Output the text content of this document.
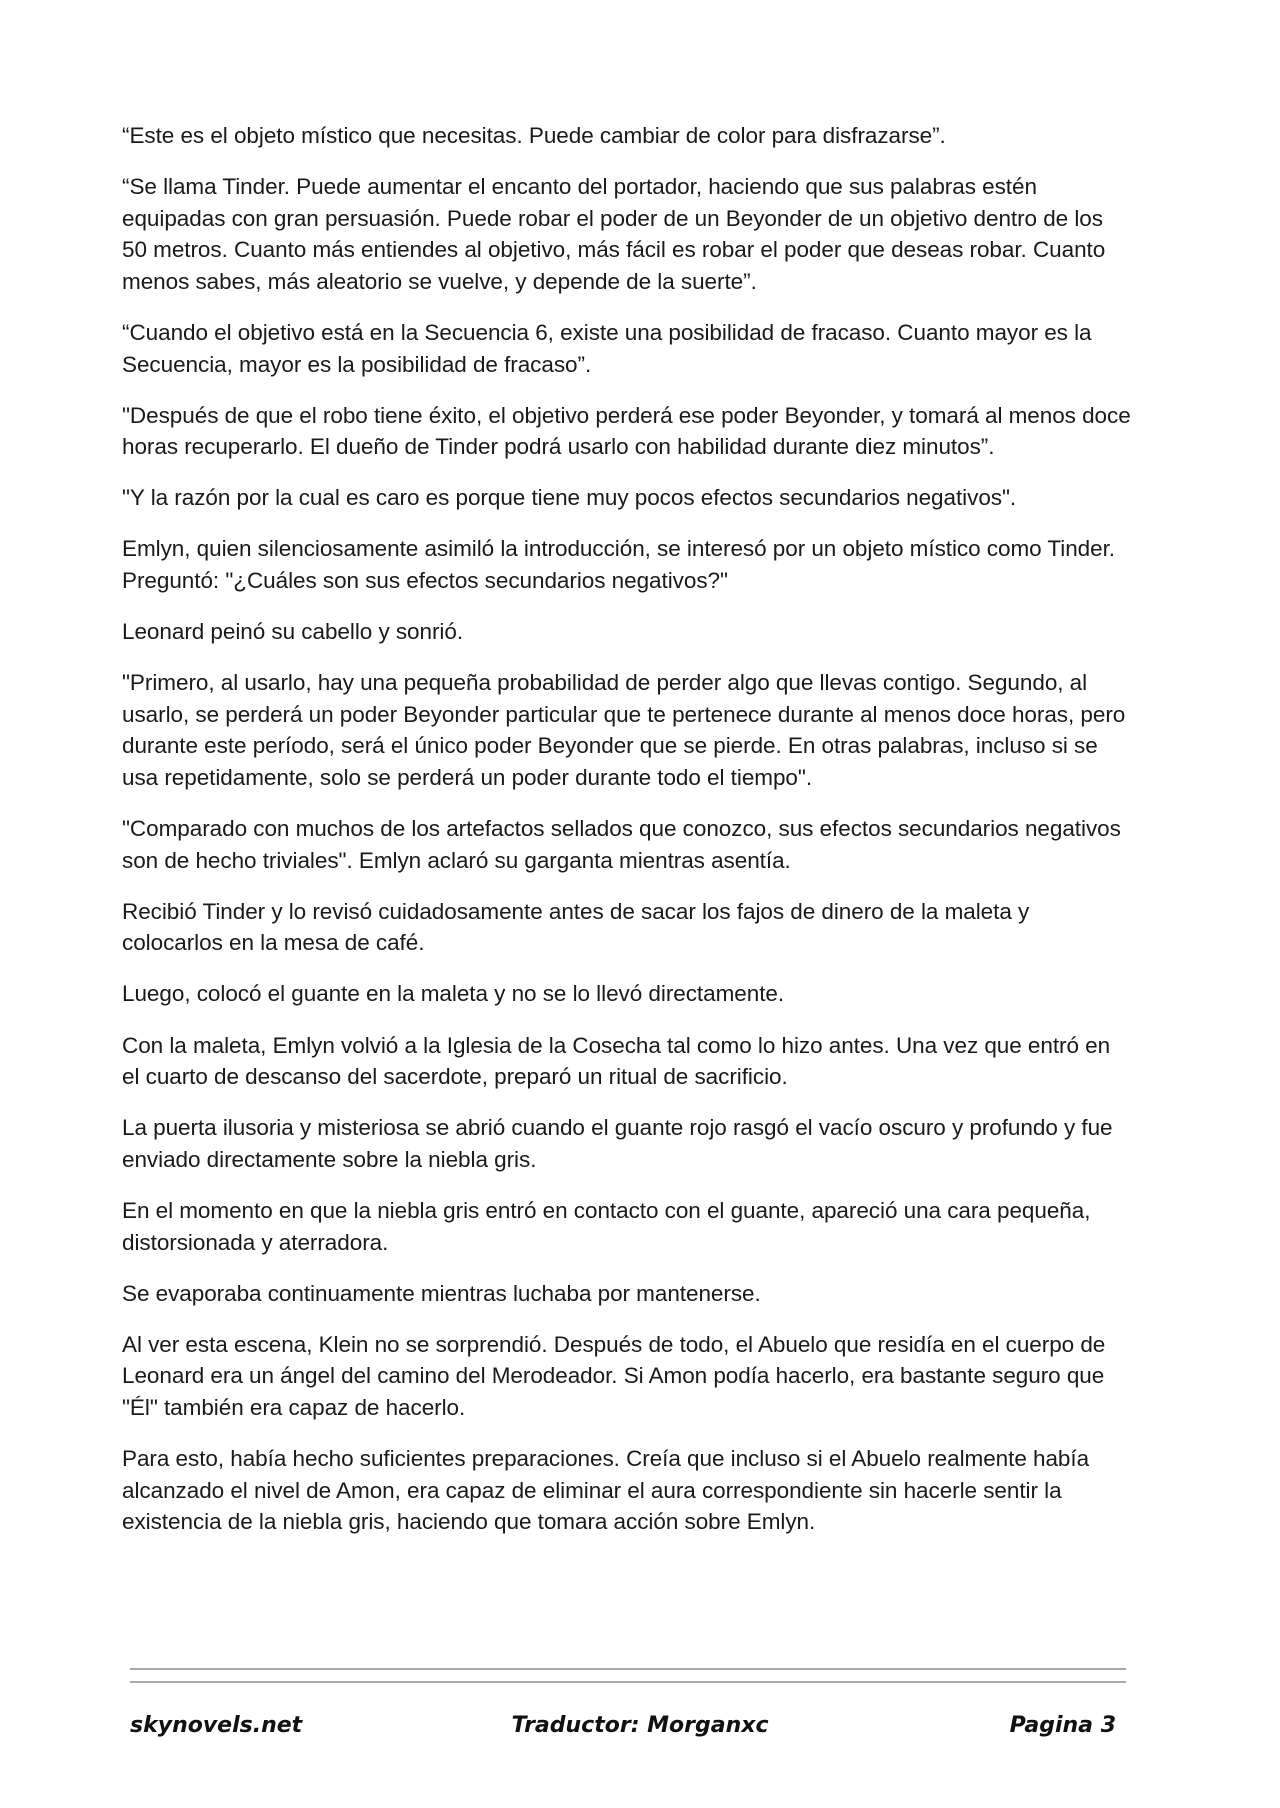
“Este es el objeto místico que necesitas. Puede cambiar de color para disfrazarse”.

“Se llama Tinder. Puede aumentar el encanto del portador, haciendo que sus palabras estén equipadas con gran persuasión. Puede robar el poder de un Beyonder de un objetivo dentro de los 50 metros. Cuanto más entiendes al objetivo, más fácil es robar el poder que deseas robar. Cuanto menos sabes, más aleatorio se vuelve, y depende de la suerte”.

“Cuando el objetivo está en la Secuencia 6, existe una posibilidad de fracaso. Cuanto mayor es la Secuencia, mayor es la posibilidad de fracaso”.

"Después de que el robo tiene éxito, el objetivo perderá ese poder Beyonder, y tomará al menos doce horas recuperarlo. El dueño de Tinder podrá usarlo con habilidad durante diez minutos”.

"Y la razón por la cual es caro es porque tiene muy pocos efectos secundarios negativos".

Emlyn, quien silenciosamente asimiló la introducción, se interesó por un objeto místico como Tinder. Preguntó: "¿Cuáles son sus efectos secundarios negativos?"

Leonard peinó su cabello y sonrió.

"Primero, al usarlo, hay una pequeña probabilidad de perder algo que llevas contigo. Segundo, al usarlo, se perderá un poder Beyonder particular que te pertenece durante al menos doce horas, pero durante este período, será el único poder Beyonder que se pierde. En otras palabras, incluso si se usa repetidamente, solo se perderá un poder durante todo el tiempo".

"Comparado con muchos de los artefactos sellados que conozco, sus efectos secundarios negativos son de hecho triviales". Emlyn aclaró su garganta mientras asentía.

Recibió Tinder y lo revisó cuidadosamente antes de sacar los fajos de dinero de la maleta y colocarlos en la mesa de café.

Luego, colocó el guante en la maleta y no se lo llevó directamente.

Con la maleta, Emlyn volvió a la Iglesia de la Cosecha tal como lo hizo antes. Una vez que entró en el cuarto de descanso del sacerdote, preparó un ritual de sacrificio.

La puerta ilusoria y misteriosa se abrió cuando el guante rojo rasgó el vacío oscuro y profundo y fue enviado directamente sobre la niebla gris.

En el momento en que la niebla gris entró en contacto con el guante, apareció una cara pequeña, distorsionada y aterradora.

Se evaporaba continuamente mientras luchaba por mantenerse.

Al ver esta escena, Klein no se sorprendió. Después de todo, el Abuelo que residía en el cuerpo de Leonard era un ángel del camino del Merodeador. Si Amon podía hacerlo, era bastante seguro que "Él" también era capaz de hacerlo.

Para esto, había hecho suficientes preparaciones. Creía que incluso si el Abuelo realmente había alcanzado el nivel de Amon, era capaz de eliminar el aura correspondiente sin hacerle sentir la existencia de la niebla gris, haciendo que tomara acción sobre Emlyn.

Traductor: Morganxc
skynovels.net	Pagina 3
